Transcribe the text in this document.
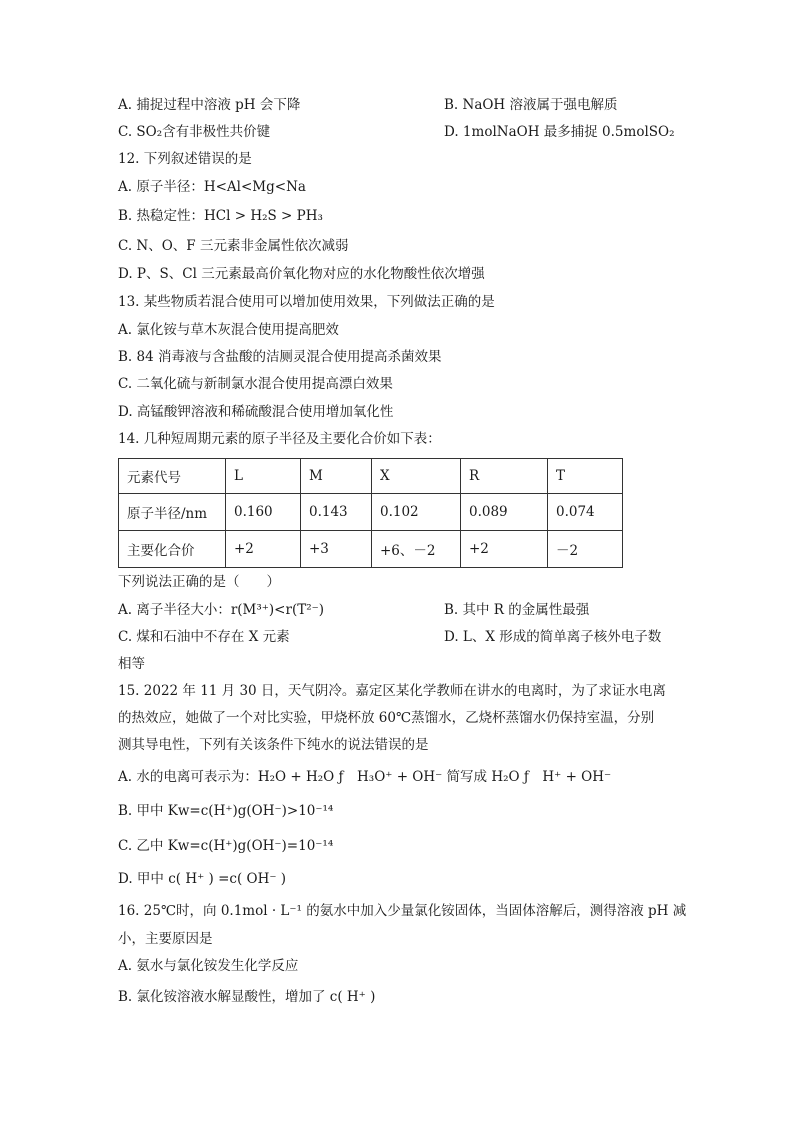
A. 捕捉过程中溶液 pH 会下降	B. NaOH 溶液属于强电解质
C. SO₂含有非极性共价键	D. 1molNaOH 最多捕捉 0.5molSO₂
12. 下列叙述错误的是
A. 原子半径：H<Al<Mg<Na
B. 热稳定性：HCl > H₂S > PH₃
C. N、O、F 三元素非金属性依次减弱
D. P、S、Cl 三元素最高价氧化物对应的水化物酸性依次增强
13. 某些物质若混合使用可以增加使用效果，下列做法正确的是
A. 氯化铵与草木灰混合使用提高肥效
B. 84 消毒液与含盐酸的洁厕灵混合使用提高杀菌效果
C. 二氧化硫与新制氯水混合使用提高漂白效果
D. 高锰酸钾溶液和稀硫酸混合使用增加氧化性
14. 几种短周期元素的原子半径及主要化合价如下表：
元素代号	L	M	X	R	T
原子半径/nm	0.160	0.143	0.102	0.089	0.074
主要化合价	+2	+3	+6、－2	+2	－2
下列说法正确的是（　　）
A. 离子半径大小：r(M³⁺)<r(T²⁻)	B. 其中 R 的金属性最强
C. 煤和石油中不存在 X 元素	D. L、X 形成的简单离子核外电子数
相等
15. 2022 年 11 月 30 日，天气阴冷。嘉定区某化学教师在讲水的电离时，为了求证水电离
的热效应，她做了一个对比实验，甲烧杯放 60℃蒸馏水，乙烧杯蒸馏水仍保持室温，分别
测其导电性，下列有关该条件下纯水的说法错误的是
A. 水的电离可表示为：H₂O + H₂O ƒ　H₃O⁺ + OH⁻ 简写成 H₂O ƒ　H⁺ + OH⁻
B. 甲中 Kw=c(H⁺)g(OH⁻)>10⁻¹⁴
C. 乙中 Kw=c(H⁺)g(OH⁻)=10⁻¹⁴
D. 甲中 c( H⁺ ) =c( OH⁻ )
16. 25℃时，向 0.1mol · L⁻¹ 的氨水中加入少量氯化铵固体，当固体溶解后，测得溶液 pH 减
小，主要原因是
A. 氨水与氯化铵发生化学反应
B. 氯化铵溶液水解显酸性，增加了 c( H⁺ )
